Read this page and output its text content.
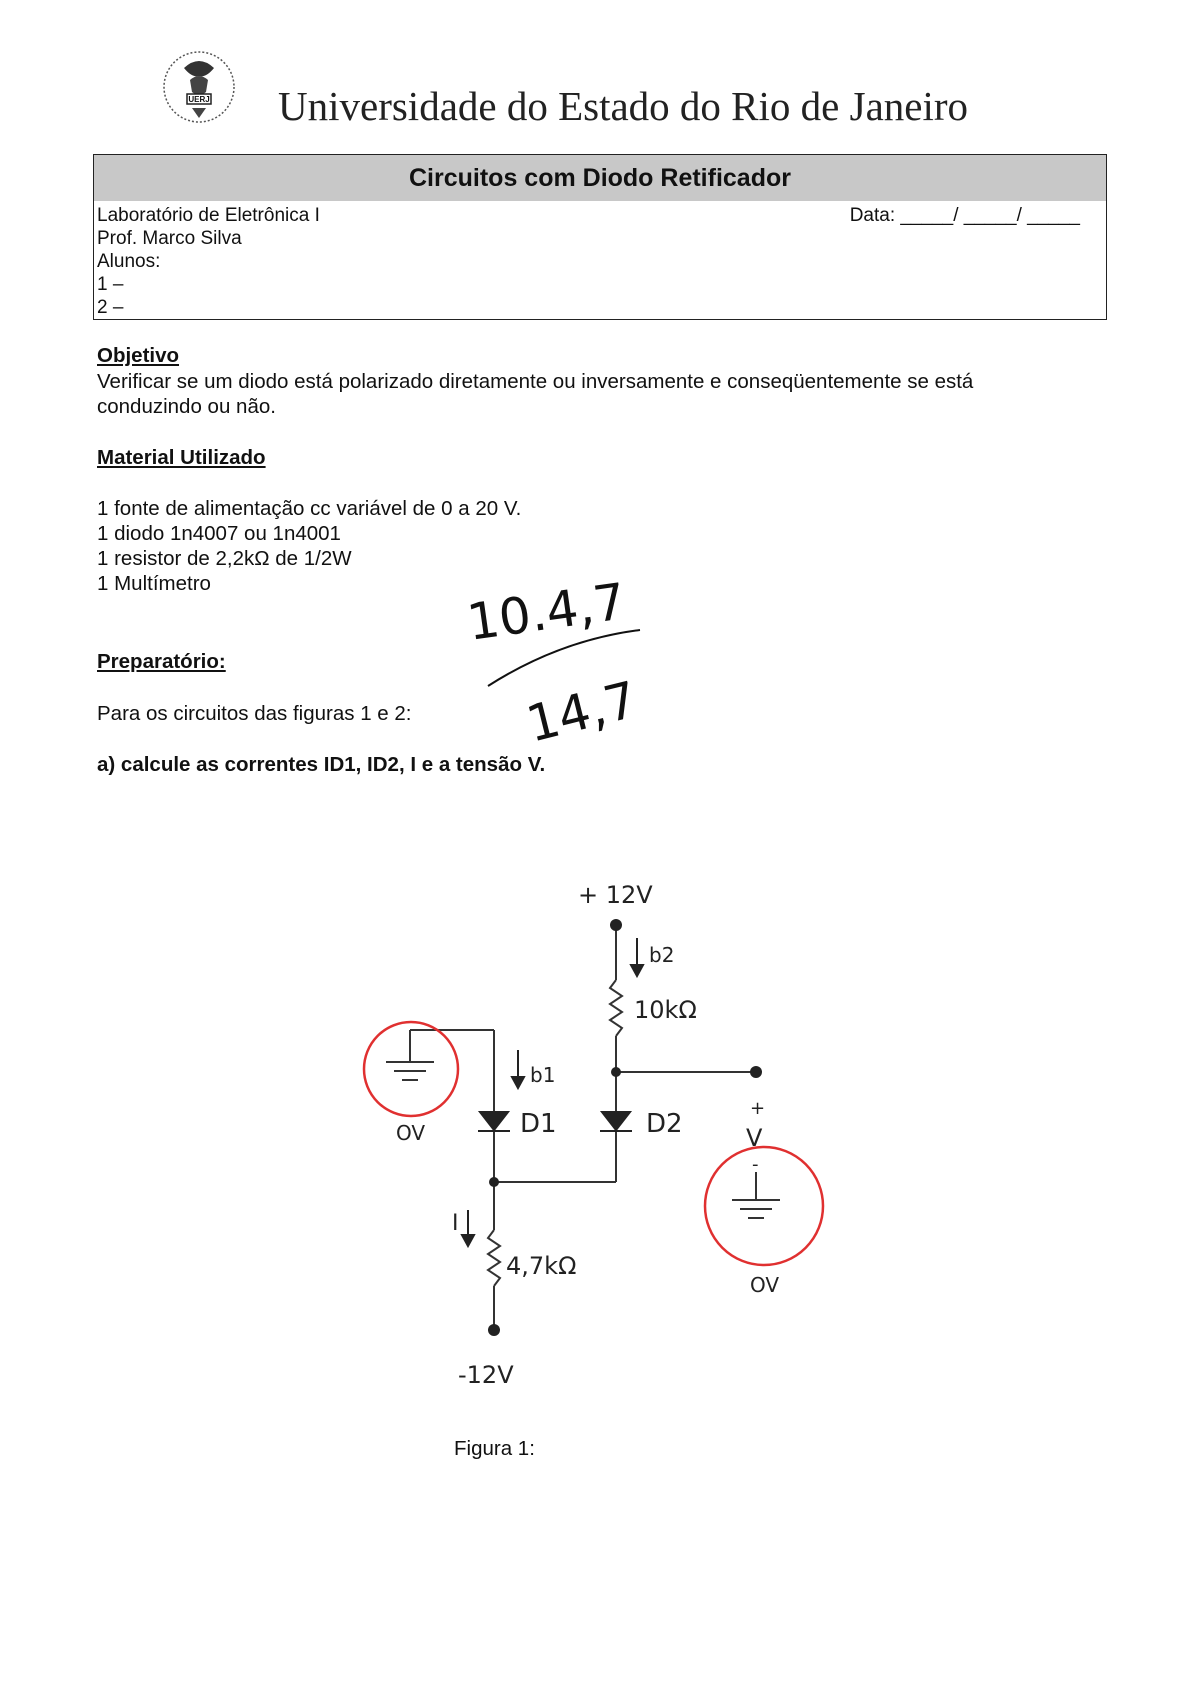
UERJ Universidade do Estado do Rio de Janeiro
Circuitos com Diodo Retificador
Laboratório de Eletrônica I	Data: _____/ _____/ _____
Prof. Marco Silva
Alunos:
1 –
2 –
Objetivo
Verificar se um diodo está polarizado diretamente ou inversamente e conseqüentemente se está
conduzindo ou não.
Material Utilizado
1 fonte de alimentação cc variável de 0 a 20 V.
1 diodo 1n4007 ou 1n4001
1 resistor de 2,2kΩ de 1/2W
1 Multímetro
Preparatório:
Para os circuitos das figuras 1 e 2:
a) calcule as correntes ID1, ID2, I e a tensão V.
10.4,7
14,7
+ 12V
b2
10kΩ
b1
D1	D2
+
V
-
I
4,7kΩ
-12V
OV
OV
Figura 1:
